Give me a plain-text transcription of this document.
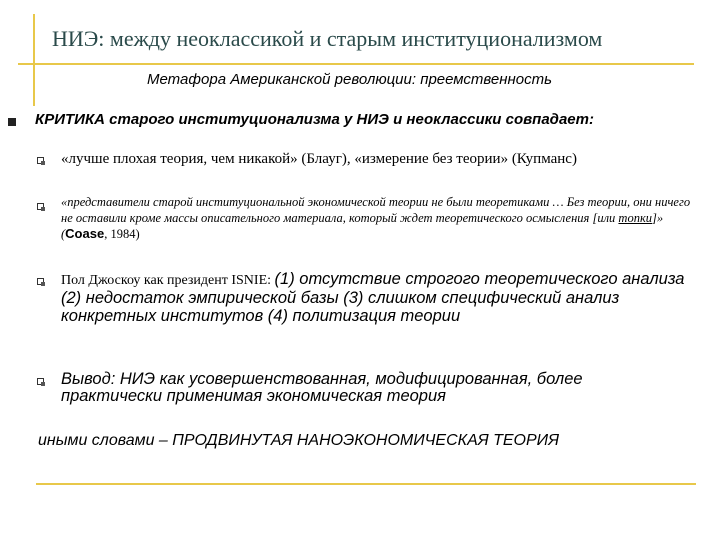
НИЭ: между неоклассикой и старым институционализмом
Метафора Американской революции: преемственность
КРИТИКА старого институционализма у НИЭ и неоклассики совпадает:
«лучше плохая теория, чем никакой» (Блауг), «измерение без теории» (Купманс)
«представители старой институциональной экономической теории не были теоретиками … Без теории, они ничего не оставили кроме массы описательного материала, который ждет теоретического осмысления [или топки]» (Coase, 1984)
Пол Джоскоу как президент ISNIE: (1) отсутствие строгого теоретического анализа (2) недостаток эмпирической базы (3) слишком специфический анализ конкретных институтов (4) политизация теории
Вывод: НИЭ как усовершенствованная, модифицированная, более практически применимая экономическая теория
иными словами – ПРОДВИНУТАЯ НАНОЭКОНОМИЧЕСКАЯ ТЕОРИЯ
